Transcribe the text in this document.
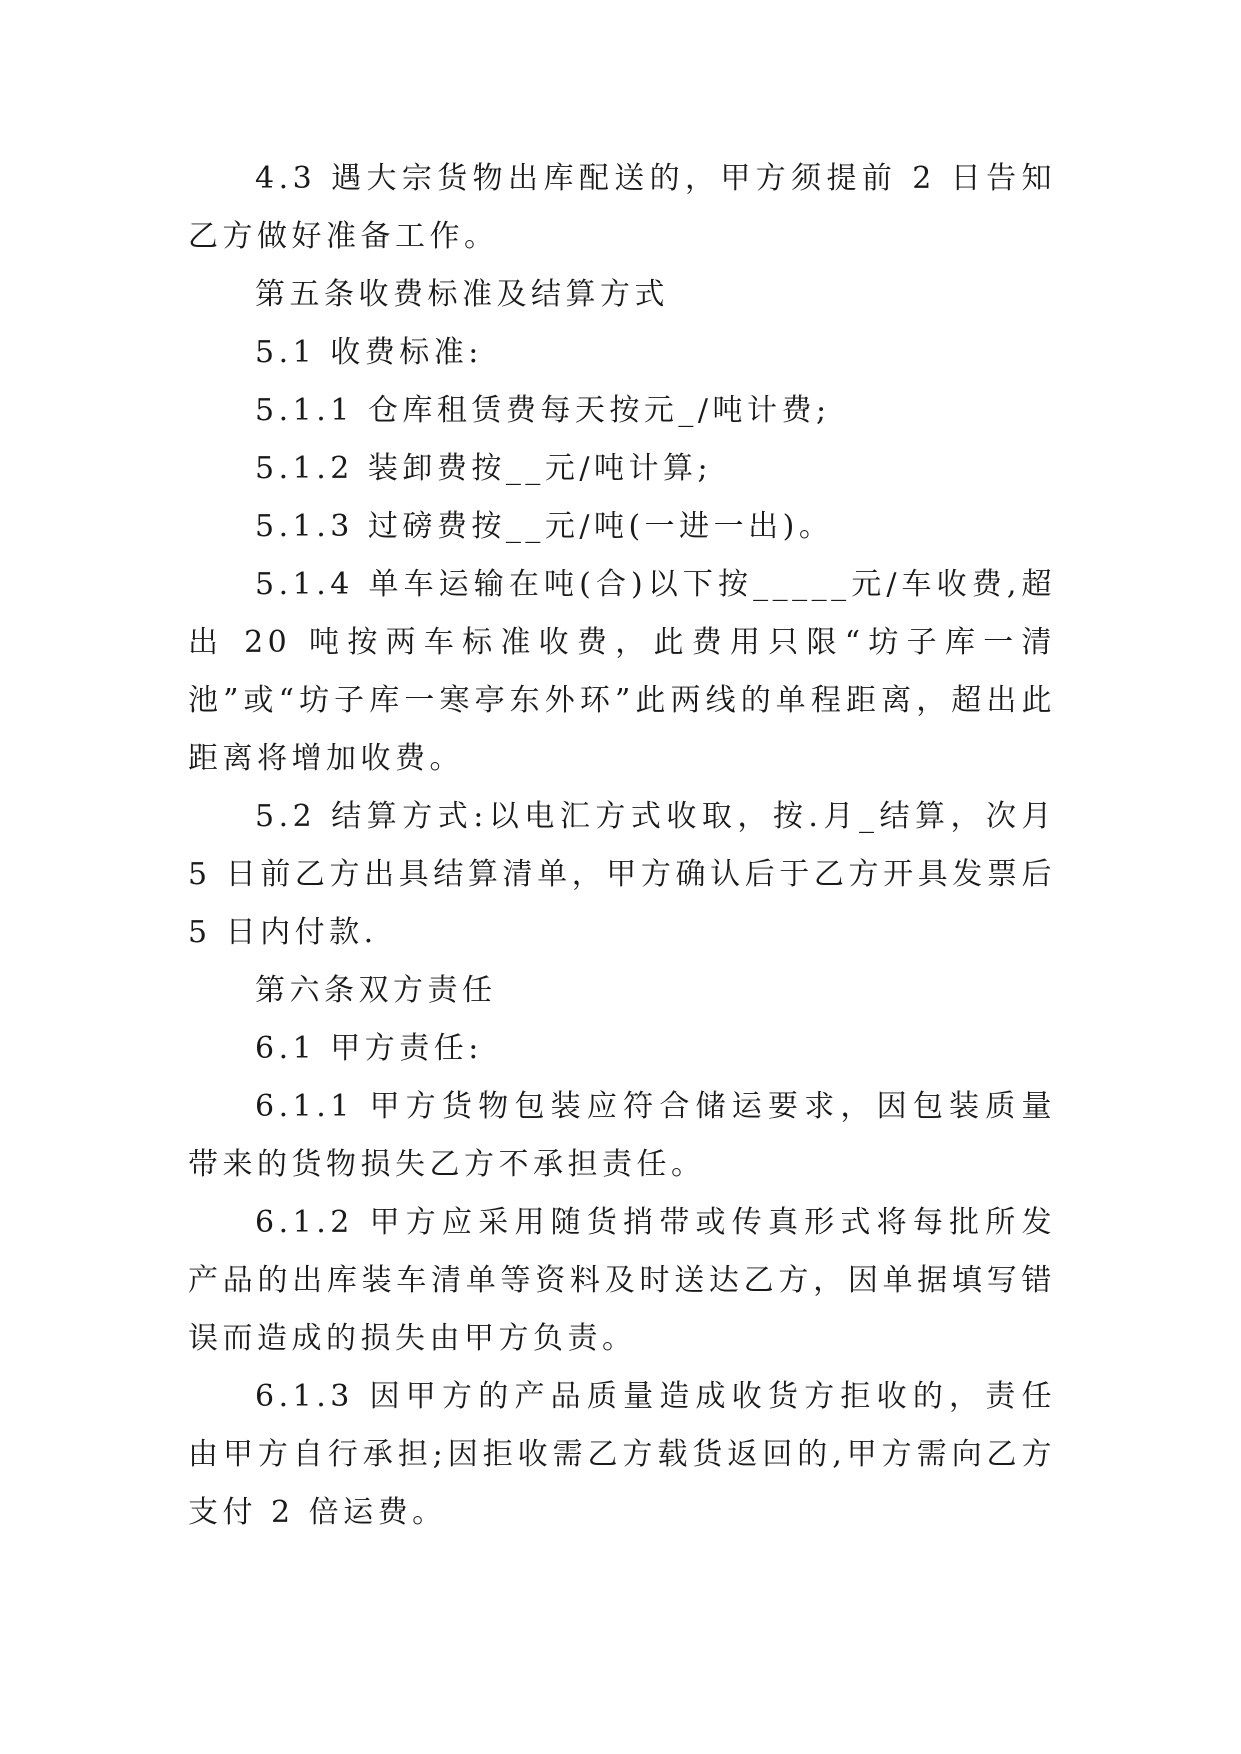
4.3 遇大宗货物出库配送的，甲方须提前 2 日告知乙方做好准备工作。

第五条收费标准及结算方式

5.1 收费标准:

5.1.1 仓库租赁费每天按元_/吨计费;

5.1.2 装卸费按__元/吨计算;

5.1.3 过磅费按__元/吨(一进一出)。

5.1.4 单车运输在吨(合)以下按_____元/车收费,超出 20 吨按两车标准收费，此费用只限“坊子库一清池”或“坊子库一寒亭东外环”此两线的单程距离，超出此距离将增加收费。

5.2 结算方式:以电汇方式收取，按.月_结算，次月 5 日前乙方出具结算清单，甲方确认后于乙方开具发票后 5 日内付款.

第六条双方责任

6.1 甲方责任:

6.1.1 甲方货物包装应符合储运要求，因包装质量带来的货物损失乙方不承担责任。

6.1.2 甲方应采用随货捎带或传真形式将每批所发产品的出库装车清单等资料及时送达乙方，因单据填写错误而造成的损失由甲方负责。

6.1.3 因甲方的产品质量造成收货方拒收的，责任由甲方自行承担;因拒收需乙方载货返回的,甲方需向乙方支付 2 倍运费。
